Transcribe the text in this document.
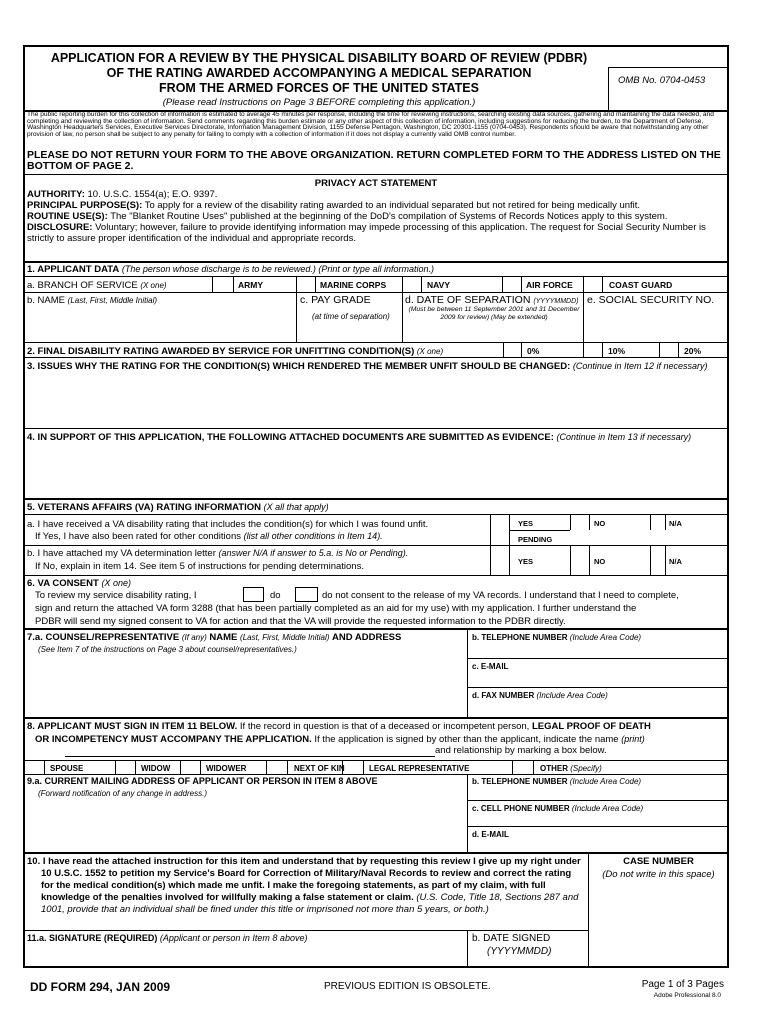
APPLICATION FOR A REVIEW BY THE PHYSICAL DISABILITY BOARD OF REVIEW (PDBR)
OF THE RATING AWARDED ACCOMPANYING A MEDICAL SEPARATION
FROM THE ARMED FORCES OF THE UNITED STATES
(Please read Instructions on Page 3 BEFORE completing this application.)
OMB No. 0704-0453
The public reporting burden for this collection of information is estimated to average 45 minutes per response, including the time for reviewing instructions, searching existing data sources, gathering and maintaining the data needed, and completing and reviewing the collection of information. Send comments regarding this burden estimate or any other aspect of this collection of information, including suggestions for reducing the burden, to the Department of Defense, Washington Headquarters Services, Executive Services Directorate, Information Management Division, 1155 Defense Pentagon, Washington, DC 20301-1155 (0704-0453). Respondents should be aware that notwithstanding any other provision of law, no person shall be subject to any penalty for failing to comply with a collection of information if it does not display a currently valid OMB control number.
PLEASE DO NOT RETURN YOUR FORM TO THE ABOVE ORGANIZATION. RETURN COMPLETED FORM TO THE ADDRESS LISTED ON THE BOTTOM OF PAGE 2.
PRIVACY ACT STATEMENT
AUTHORITY: 10. U.S.C. 1554(a); E.O. 9397.
PRINCIPAL PURPOSE(S): To apply for a review of the disability rating awarded to an individual separated but not retired for being medically unfit.
ROUTINE USE(S): The "Blanket Routine Uses" published at the beginning of the DoD's compilation of Systems of Records Notices apply to this system.
DISCLOSURE: Voluntary; however, failure to provide identifying information may impede processing of this application. The request for Social Security Number is strictly to assure proper identification of the individual and appropriate records.
1. APPLICANT DATA (The person whose discharge is to be reviewed.) (Print or type all information.)
a. BRANCH OF SERVICE (X one)	ARMY	MARINE CORPS	NAVY	AIR FORCE	COAST GUARD
b. NAME (Last, First, Middle Initial)	c. PAY GRADE
(at time of separation)
d. DATE OF SEPARATION (YYYYMMDD)
(Must be between 11 September 2001 and 31 December 2009 for review) (May be extended)
e. SOCIAL SECURITY NO.
2. FINAL DISABILITY RATING AWARDED BY SERVICE FOR UNFITTING CONDITION(S) (X one)	0%	10%	20%
3. ISSUES WHY THE RATING FOR THE CONDITION(S) WHICH RENDERED THE MEMBER UNFIT SHOULD BE CHANGED: (Continue in Item 12 if necessary)
4. IN SUPPORT OF THIS APPLICATION, THE FOLLOWING ATTACHED DOCUMENTS ARE SUBMITTED AS EVIDENCE: (Continue in Item 13 if necessary)
5. VETERANS AFFAIRS (VA) RATING INFORMATION (X all that apply)
a. I have received a VA disability rating that includes the condition(s) for which I was found unfit.
If Yes, I have also been rated for other conditions (list all other conditions in Item 14).
YES
PENDING
NO	N/A
b. I have attached my VA determination letter (answer N/A if answer to 5.a. is No or Pending).
If No, explain in item 14. See item 5 of instructions for pending determinations.	YES	NO	N/A
6. VA CONSENT (X one)
To review my service disability rating, I	do	do not consent to the release of my VA records. I understand that I need to complete,
sign and return the attached VA form 3288 (that has been partially completed as an aid for my use) with my application. I further understand the
PDBR will send my signed consent to VA for action and that the VA will provide the requested information to the PDBR directly.
7.a. COUNSEL/REPRESENTATIVE (If any) NAME (Last, First, Middle Initial) AND ADDRESS
(See Item 7 of the instructions on Page 3 about counsel/representatives.)
b. TELEPHONE NUMBER (Include Area Code)
c. E-MAIL
d. FAX NUMBER (Include Area Code)
8. APPLICANT MUST SIGN IN ITEM 11 BELOW. If the record in question is that of a deceased or incompetent person, LEGAL PROOF OF DEATH
OR INCOMPETENCY MUST ACCOMPANY THE APPLICATION. If the application is signed by other than the applicant, indicate the name (print)
and relationship by marking a box below.
SPOUSE	WIDOW	WIDOWER	NEXT OF KIN	LEGAL REPRESENTATIVE	OTHER (Specify)
9.a. CURRENT MAILING ADDRESS OF APPLICANT OR PERSON IN ITEM 8 ABOVE
(Forward notification of any change in address.)
b. TELEPHONE NUMBER (Include Area Code)
c. CELL PHONE NUMBER (Include Area Code)
d. E-MAIL
10. I have read the attached instruction for this item and understand that by requesting this review I give up my right under 10 U.S.C. 1552 to petition my Service's Board for Correction of Military/Naval Records to review and correct the rating for the medical condition(s) which made me unfit. I make the foregoing statements, as part of my claim, with full knowledge of the penalties involved for willfully making a false statement or claim. (U.S. Code, Title 18, Sections 287 and 1001, provide that an individual shall be fined under this title or imprisoned not more than 5 years, or both.)
CASE NUMBER
(Do not write in this space)
11.a. SIGNATURE (REQUIRED) (Applicant or person in Item 8 above)	b. DATE SIGNED
(YYYYMMDD)
DD FORM 294, JAN 2009	PREVIOUS EDITION IS OBSOLETE.	Page 1 of 3 Pages
Adobe Professional 8.0
